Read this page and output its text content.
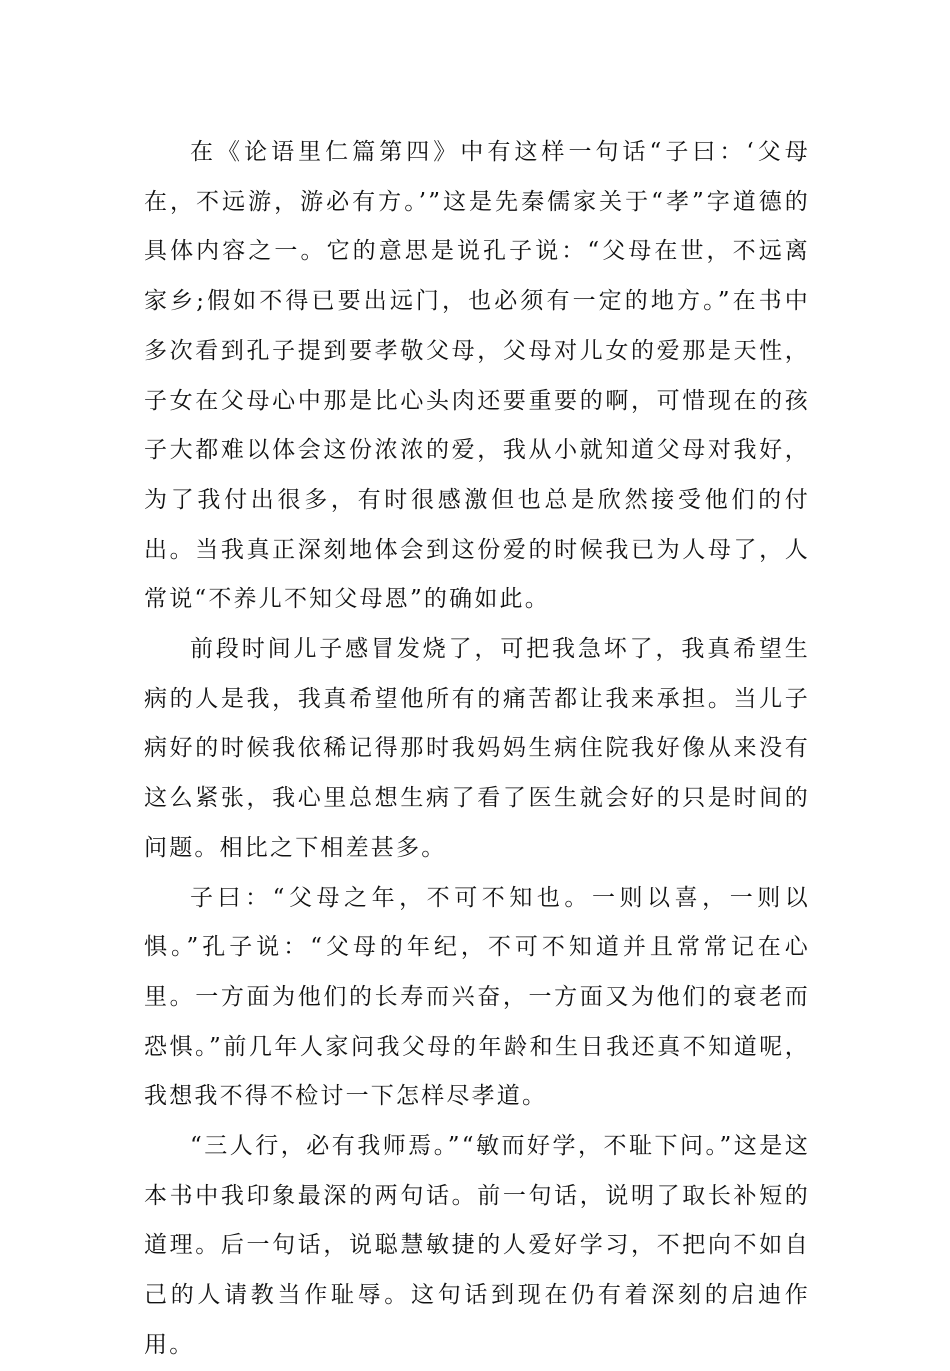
在《论语里仁篇第四》中有这样一句话“子曰：‘父母在，不远游，游必有方。’”这是先秦儒家关于“孝”字道德的具体内容之一。它的意思是说孔子说：“父母在世，不远离家乡;假如不得已要出远门，也必须有一定的地方。”在书中多次看到孔子提到要孝敬父母，父母对儿女的爱那是天性，子女在父母心中那是比心头肉还要重要的啊，可惜现在的孩子大都难以体会这份浓浓的爱，我从小就知道父母对我好，为了我付出很多，有时很感激但也总是欣然接受他们的付出。当我真正深刻地体会到这份爱的时候我已为人母了，人常说“不养儿不知父母恩”的确如此。

前段时间儿子感冒发烧了，可把我急坏了，我真希望生病的人是我，我真希望他所有的痛苦都让我来承担。当儿子病好的时候我依稀记得那时我妈妈生病住院我好像从来没有这么紧张，我心里总想生病了看了医生就会好的只是时间的问题。相比之下相差甚多。

子曰：“父母之年，不可不知也。一则以喜，一则以惧。”孔子说：“父母的年纪，不可不知道并且常常记在心里。一方面为他们的长寿而兴奋，一方面又为他们的衰老而恐惧。”前几年人家问我父母的年龄和生日我还真不知道呢，我想我不得不检讨一下怎样尽孝道。

“三人行，必有我师焉。”“敏而好学，不耻下问。”这是这本书中我印象最深的两句话。前一句话，说明了取长补短的道理。后一句话，说聪慧敏捷的人爱好学习，不把向不如自己的人请教当作耻辱。这句话到现在仍有着深刻的启迪作用。
